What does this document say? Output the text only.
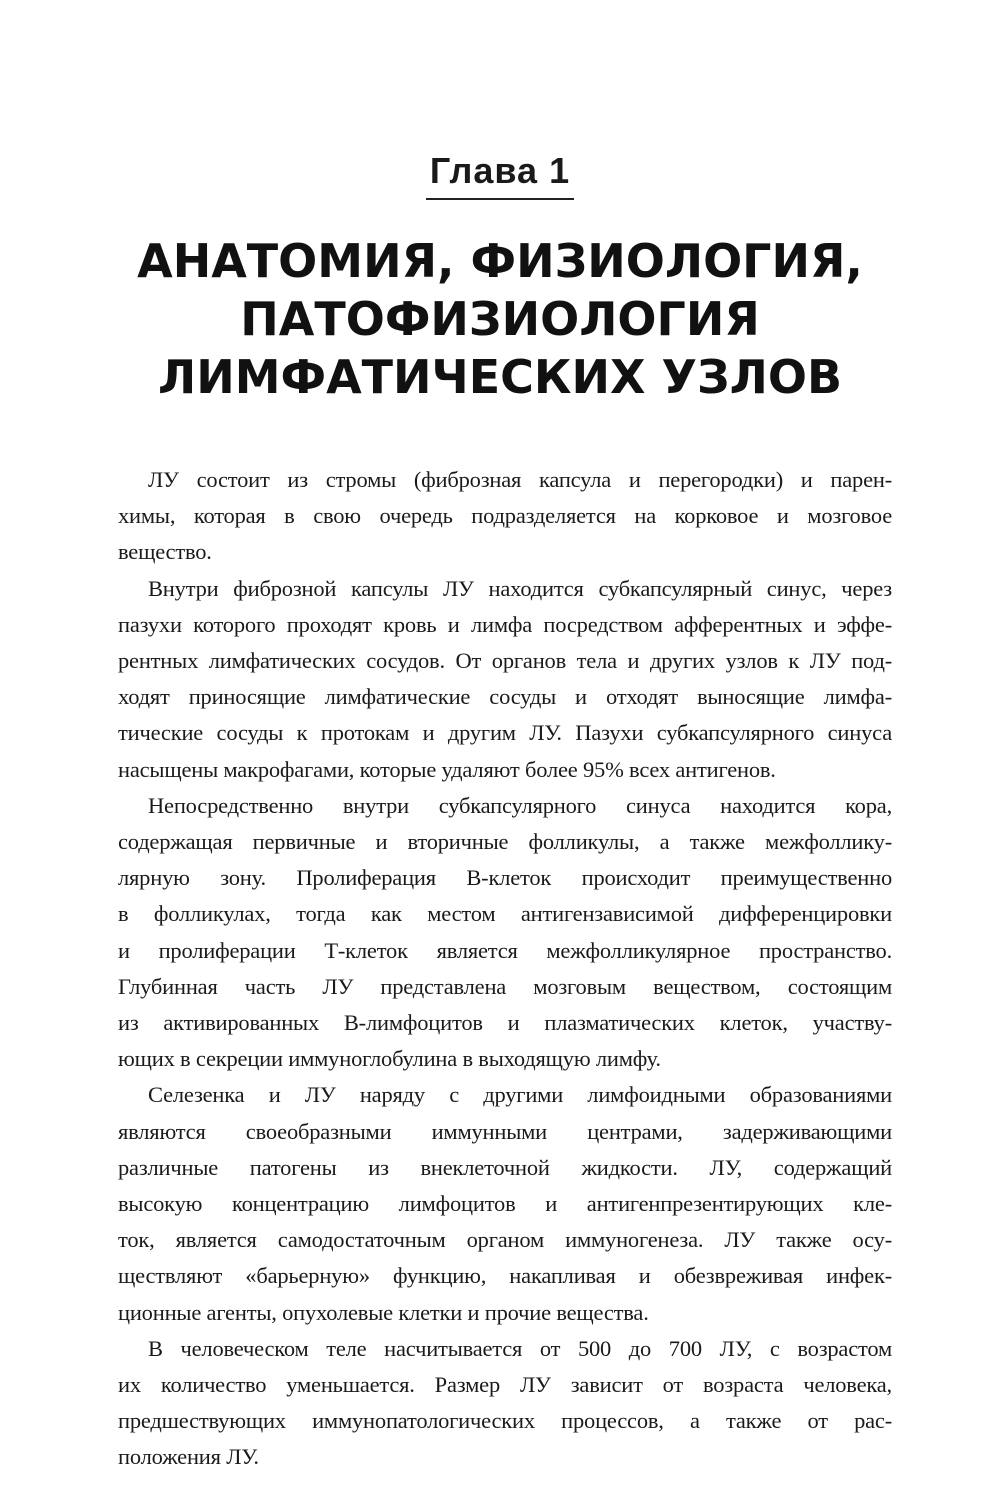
Глава 1
АНАТОМИЯ, ФИЗИОЛОГИЯ,
ПАТОФИЗИОЛОГИЯ
ЛИМФАТИЧЕСКИХ УЗЛОВ
ЛУ состоит из стромы (фиброзная капсула и перегородки) и парен-
химы, которая в свою очередь подразделяется на корковое и мозговое
вещество.
Внутри фиброзной капсулы ЛУ находится субкапсулярный синус, через
пазухи которого проходят кровь и лимфа посредством афферентных и эффе-
рентных лимфатических сосудов. От органов тела и других узлов к ЛУ под-
ходят приносящие лимфатические сосуды и отходят выносящие лимфа-
тические сосуды к протокам и другим ЛУ. Пазухи субкапсулярного синуса
насыщены макрофагами, которые удаляют более 95% всех антигенов.
Непосредственно внутри субкапсулярного синуса находится кора,
содержащая первичные и вторичные фолликулы, а также межфоллику-
лярную зону. Пролиферация В-клеток происходит преимущественно
в фолликулах, тогда как местом антигензависимой дифференцировки
и пролиферации Т-клеток является межфолликулярное пространство.
Глубинная часть ЛУ представлена мозговым веществом, состоящим
из активированных В-лимфоцитов и плазматических клеток, участву-
ющих в секреции иммуноглобулина в выходящую лимфу.
Селезенка и ЛУ наряду с другими лимфоидными образованиями
являются своеобразными иммунными центрами, задерживающими
различные патогены из внеклеточной жидкости. ЛУ, содержащий
высокую концентрацию лимфоцитов и антигенпрезентирующих кле-
ток, является самодостаточным органом иммуногенеза. ЛУ также осу-
ществляют «барьерную» функцию, накапливая и обезвреживая инфек-
ционные агенты, опухолевые клетки и прочие вещества.
В человеческом теле насчитывается от 500 до 700 ЛУ, с возрастом
их количество уменьшается. Размер ЛУ зависит от возраста человека,
предшествующих иммунопатологических процессов, а также от рас-
положения ЛУ.
